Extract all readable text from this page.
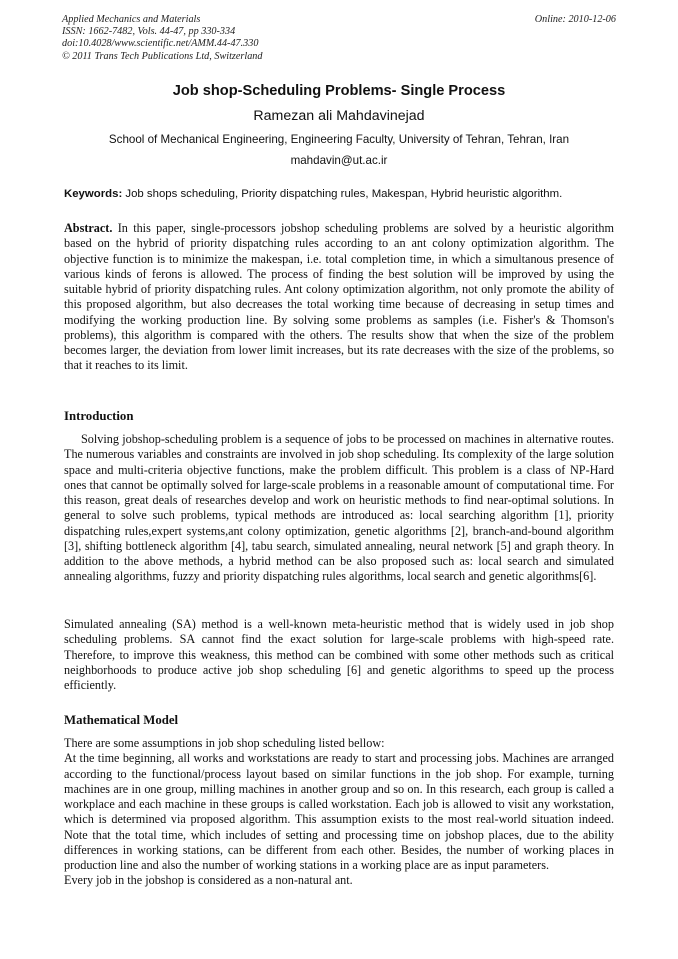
Applied Mechanics and Materials
ISSN: 1662-7482, Vols. 44-47, pp 330-334
doi:10.4028/www.scientific.net/AMM.44-47.330
© 2011 Trans Tech Publications Ltd, Switzerland
Online: 2010-12-06
Job shop-Scheduling Problems- Single Process
Ramezan ali Mahdavinejad
School of Mechanical Engineering, Engineering Faculty, University of Tehran, Tehran, Iran
mahdavin@ut.ac.ir
Keywords: Job shops scheduling, Priority dispatching rules, Makespan, Hybrid heuristic algorithm.
Abstract. In this paper, single-processors jobshop scheduling problems are solved by a heuristic algorithm based on the hybrid of priority dispatching rules according to an ant colony optimization algorithm. The objective function is to minimize the makespan, i.e. total completion time, in which a simultanous presence of various kinds of ferons is allowed. The process of finding the best solution will be improved by using the suitable hybrid of priority dispatching rules. Ant colony optimization algorithm, not only promote the ability of this proposed algorithm, but also decreases the total working time because of decreasing in setup times and modifying the working production line. By solving some problems as samples (i.e. Fisher's & Thomson's problems), this algorithm is compared with the others. The results show that when the size of the problem becomes larger, the deviation from lower limit increases, but its rate decreases with the size of the problems, so that it reaches to its limit.
Introduction
Solving jobshop-scheduling problem is a sequence of jobs to be processed on machines in alternative routes. The numerous variables and constraints are involved in job shop scheduling. Its complexity of the large solution space and multi-criteria objective functions, make the problem difficult. This problem is a class of NP-Hard ones that cannot be optimally solved for large-scale problems in a reasonable amount of computational time. For this reason, great deals of researches develop and work on heuristic methods to find near-optimal solutions. In general to solve such problems, typical methods are introduced as: local searching algorithm [1], priority dispatching rules,expert systems,ant colony optimization, genetic algorithms [2], branch-and-bound algorithm [3], shifting bottleneck algorithm [4], tabu search, simulated annealing, neural network [5] and graph theory. In addition to the above methods, a hybrid method can be also proposed such as: local search and simulated annealing algorithms, fuzzy and priority dispatching rules algorithms, local search and genetic algorithms[6].
Simulated annealing (SA) method is a well-known meta-heuristic method that is widely used in job shop scheduling problems. SA cannot find the exact solution for large-scale problems with high-speed rate. Therefore, to improve this weakness, this method can be combined with some other methods such as critical neighborhoods to produce active job shop scheduling [6] and genetic algorithms to speed up the process efficiently.
Mathematical Model
There are some assumptions in job shop scheduling listed bellow:
At the time beginning, all works and workstations are ready to start and processing jobs. Machines are arranged according to the functional/process layout based on similar functions in the job shop. For example, turning machines are in one group, milling machines in another group and so on. In this research, each group is called a workplace and each machine in these groups is called workstation. Each job is allowed to visit any workstation, which is determined via proposed algorithm. This assumption exists to the most real-world situation indeed. Note that the total time, which includes of setting and processing time on jobshop places, due to the ability differences in working stations, can be different from each other. Besides, the number of working places in production line and also the number of working stations in a working place are as input parameters.
Every job in the jobshop is considered as a non-natural ant.
